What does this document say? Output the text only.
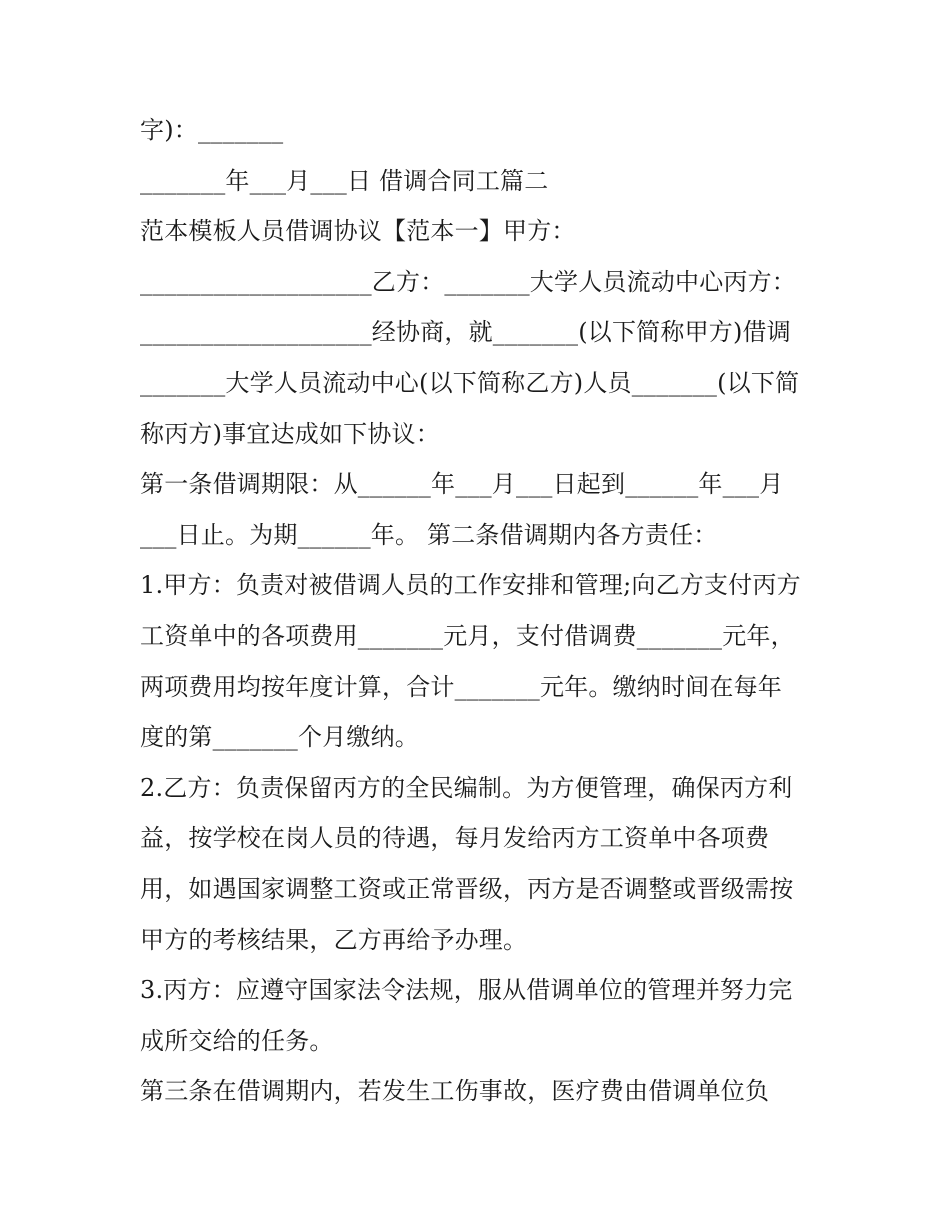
字)：_______
_______年___月___日 借调合同工篇二
范本模板人员借调协议【范本一】甲方：
___________________乙方：_______大学人员流动中心丙方：
___________________经协商，就_______(以下简称甲方)借调
_______大学人员流动中心(以下简称乙方)人员_______(以下简
称丙方)事宜达成如下协议：
第一条借调期限：从______年___月___日起到______年___月
___日止。为期______年。 第二条借调期内各方责任：
1.甲方：负责对被借调人员的工作安排和管理;向乙方支付丙方
工资单中的各项费用_______元月，支付借调费_______元年，
两项费用均按年度计算，合计_______元年。缴纳时间在每年
度的第_______个月缴纳。
2.乙方：负责保留丙方的全民编制。为方便管理，确保丙方利
益，按学校在岗人员的待遇，每月发给丙方工资单中各项费
用，如遇国家调整工资或正常晋级，丙方是否调整或晋级需按
甲方的考核结果，乙方再给予办理。
3.丙方：应遵守国家法令法规，服从借调单位的管理并努力完
成所交给的任务。
第三条在借调期内，若发生工伤事故，医疗费由借调单位负
